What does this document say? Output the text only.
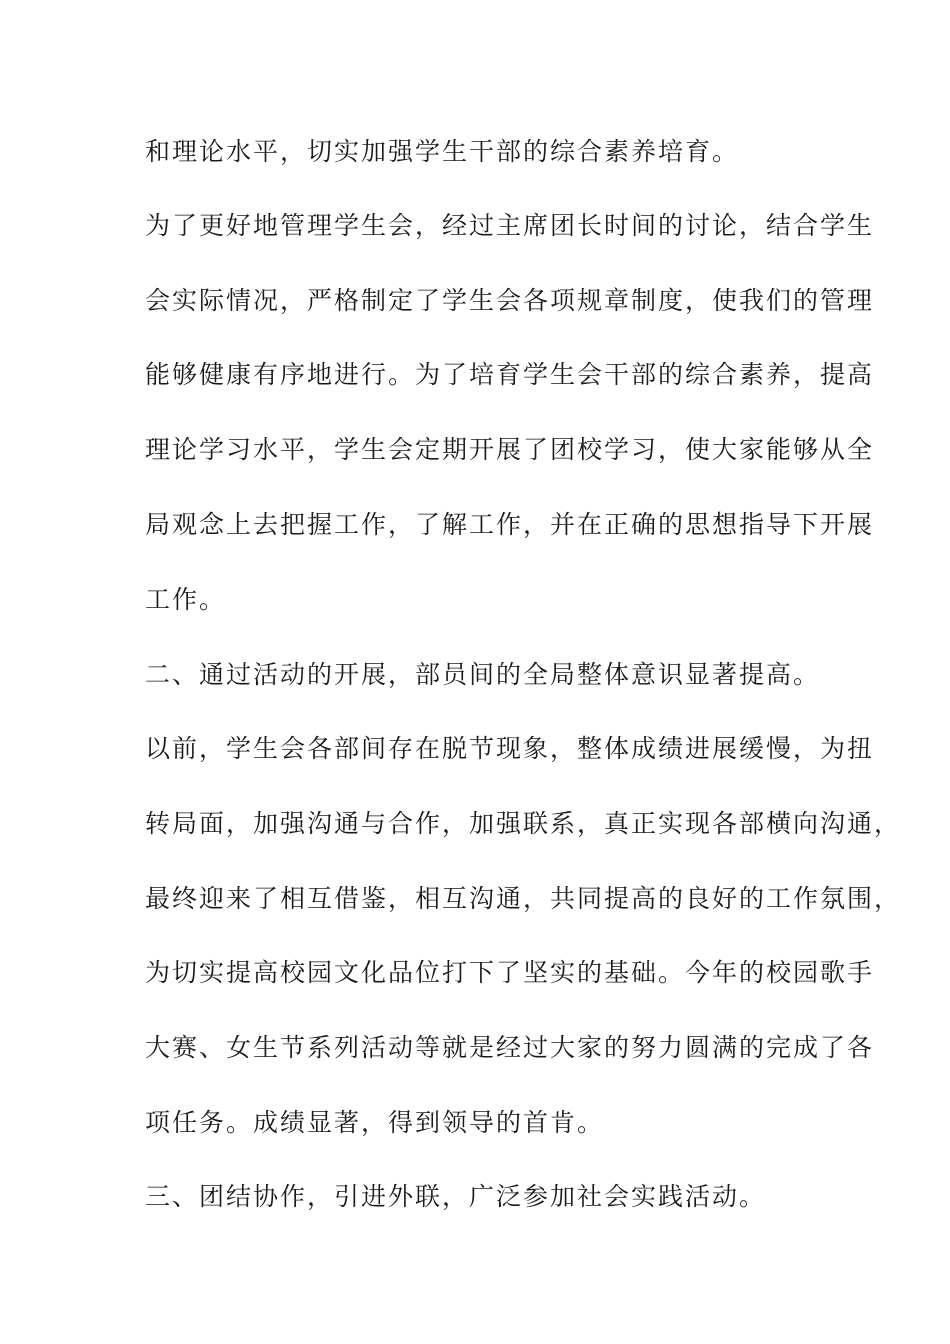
和理论水平，切实加强学生干部的综合素养培育。
为了更好地管理学生会，经过主席团长时间的讨论，结合学生
会实际情况，严格制定了学生会各项规章制度，使我们的管理
能够健康有序地进行。为了培育学生会干部的综合素养，提高
理论学习水平，学生会定期开展了团校学习，使大家能够从全
局观念上去把握工作，了解工作，并在正确的思想指导下开展
工作。
二、通过活动的开展，部员间的全局整体意识显著提高。
以前，学生会各部间存在脱节现象，整体成绩进展缓慢，为扭
转局面，加强沟通与合作，加强联系，真正实现各部横向沟通，
最终迎来了相互借鉴，相互沟通，共同提高的良好的工作氛围，
为切实提高校园文化品位打下了坚实的基础。今年的校园歌手
大赛、女生节系列活动等就是经过大家的努力圆满的完成了各
项任务。成绩显著，得到领导的首肯。
三、团结协作，引进外联，广泛参加社会实践活动。
